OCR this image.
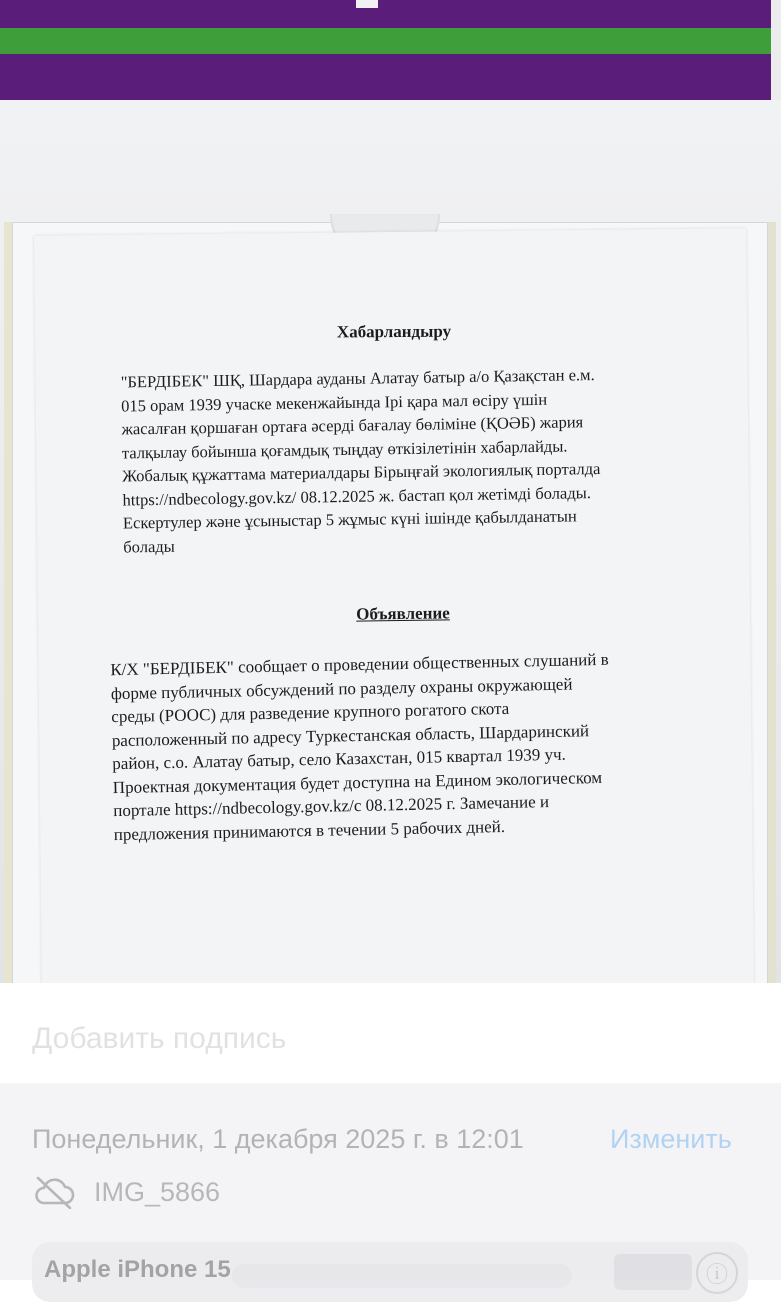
Хабарландыру

"БЕРДІБЕК" ШҚ, Шардара ауданы Алатау батыр а/о Қазақстан е.м.
015 орам 1939 учаске мекенжайында Ірі қара мал өсіру үшін
жасалған қоршаған ортаға әсерді бағалау бөліміне (ҚОӘБ) жария
талқылау бойынша қоғамдық тыңдау өткізілетінін хабарлайды.
Жобалық құжаттама материалдары Бірыңғай экологиялық порталда
https://ndbecology.gov.kz/ 08.12.2025 ж. бастап қол жетімді болады.
Ескертулер және ұсыныстар 5 жұмыс күні ішінде қабылданатын
болады

Объявление

К/Х "БЕРДІБЕК" сообщает о проведении общественных слушаний в
форме публичных обсуждений по разделу охраны окружающей
среды (РООС) для разведение крупного рогатого скота
расположенный по адресу Туркестанская область, Шардаринский
район, с.о. Алатау батыр, село Казахстан, 015 квартал 1939 уч.
Проектная документация будет доступна на Едином экологическом
портале https://ndbecology.gov.kz/c 08.12.2025 г. Замечание и
предложения принимаются в течении 5 рабочих дней.

Добавить подпись
Понедельник, 1 декабря 2025 г. в 12:01	Изменить
IMG_5866
Apple iPhone 15	ⓘ
